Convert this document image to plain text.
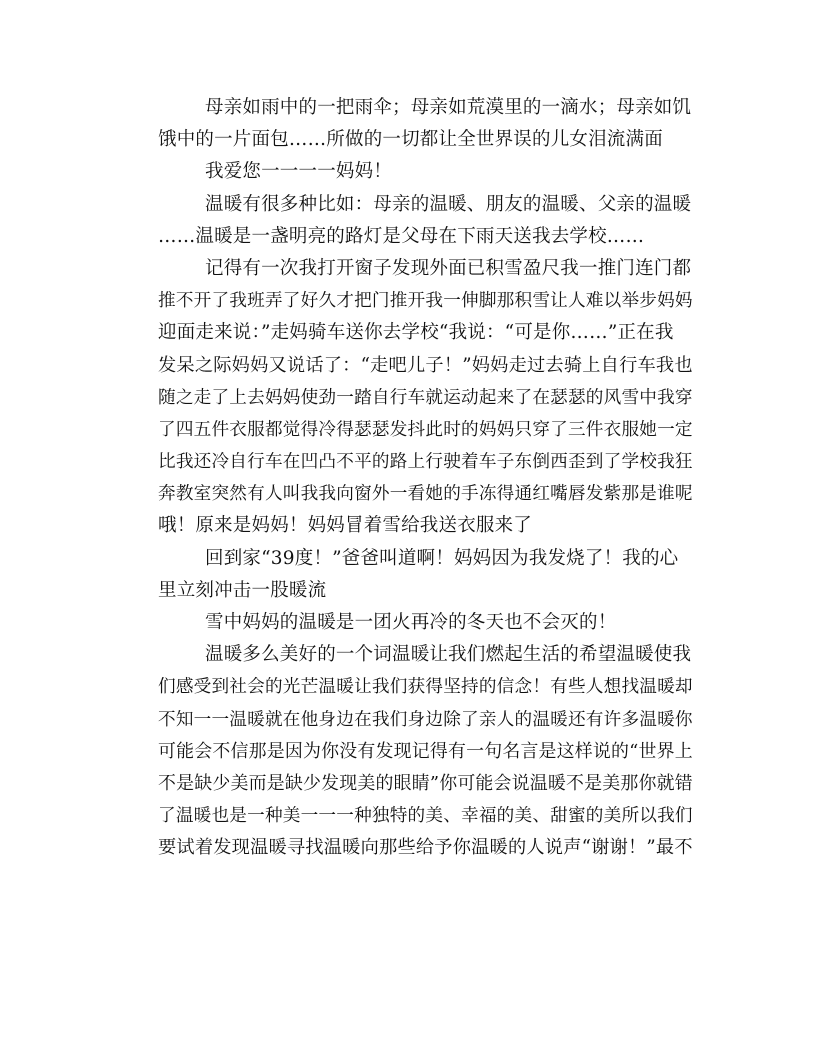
母亲如雨中的一把雨伞；母亲如荒漠里的一滴水；母亲如饥
饿中的一片面包……所做的一切都让全世界误的儿女泪流满面
我爱您一一一一妈妈！
温暖有很多种比如：母亲的温暖、朋友的温暖、父亲的温暖
……温暖是一盏明亮的路灯是父母在下雨天送我去学校……
记得有一次我打开窗子发现外面已积雪盈尺我一推门连门都
推不开了我班弄了好久才把门推开我一伸脚那积雪让人难以举步妈妈
迎面走来说：”走妈骑车送你去学校“我说：“可是你……”正在我
发呆之际妈妈又说话了：“走吧儿子！”妈妈走过去骑上自行车我也
随之走了上去妈妈使劲一踏自行车就运动起来了在瑟瑟的风雪中我穿
了四五件衣服都觉得冷得瑟瑟发抖此时的妈妈只穿了三件衣服她一定
比我还冷自行车在凹凸不平的路上行驶着车子东倒西歪到了学校我狂
奔教室突然有人叫我我向窗外一看她的手冻得通红嘴唇发紫那是谁呢
哦！原来是妈妈！妈妈冒着雪给我送衣服来了
回到家“39度！”爸爸叫道啊！妈妈因为我发烧了！我的心
里立刻冲击一股暖流
雪中妈妈的温暖是一团火再冷的冬天也不会灭的！
温暖多么美好的一个词温暖让我们燃起生活的希望温暖使我
们感受到社会的光芒温暖让我们获得坚持的信念！有些人想找温暖却
不知一一温暖就在他身边在我们身边除了亲人的温暖还有许多温暖你
可能会不信那是因为你没有发现记得有一句名言是这样说的“世界上
不是缺少美而是缺少发现美的眼睛”你可能会说温暖不是美那你就错
了温暖也是一种美一一一种独特的美、幸福的美、甜蜜的美所以我们
要试着发现温暖寻找温暖向那些给予你温暖的人说声“谢谢！”最不
